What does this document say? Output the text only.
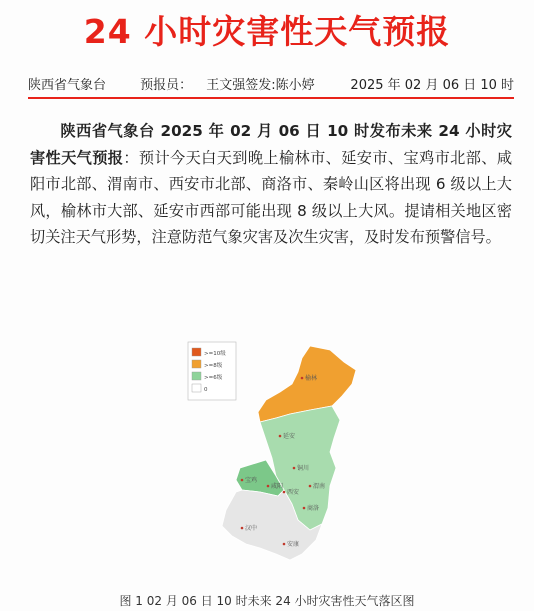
24 小时灾害性天气预报
陕西省气象台	预报员： 王文强签发:陈小婷	2025 年 02 月 06 日 10 时
陕西省气象台 2025 年 02 月 06 日 10 时发布未来 24 小时灾害性天气预报：预计今天白天到晚上榆林市、延安市、宝鸡市北部、咸阳市北部、渭南市、西安市北部、商洛市、秦岭山区将出现 6 级以上大风，榆林市大部、延安市西部可能出现 8 级以上大风。提请相关地区密切关注天气形势，注意防范气象灾害及次生灾害，及时发布预警信号。
>=10级
>=8级
>=6级
0
榆林
延安
铜川
宝鸡
咸阳
西安
渭南
商洛
汉中
安康
图 1 02 月 06 日 10 时未来 24 小时灾害性天气落区图
